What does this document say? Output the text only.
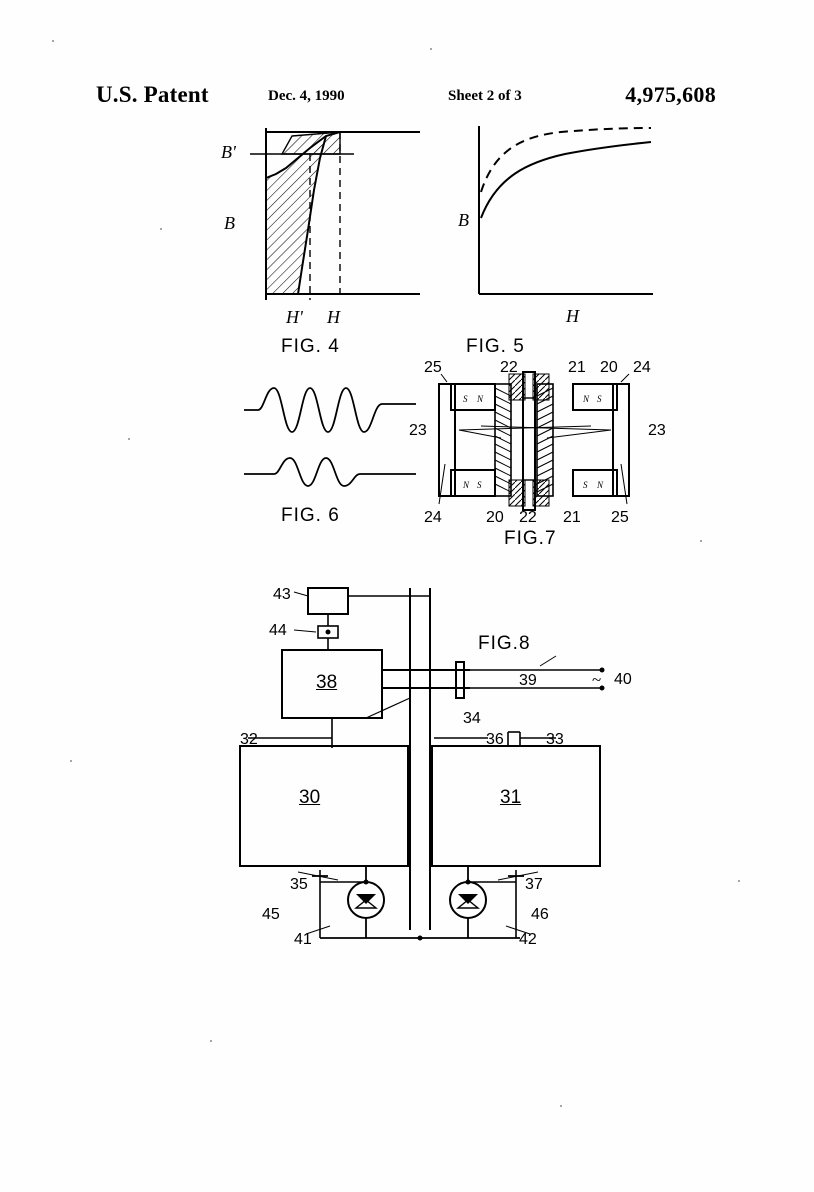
U.S. Patent	Dec. 4, 1990	Sheet 2 of 3	4,975,608
B'
B
H' H
FIG. 4
B
H
FIG. 5
FIG. 6
S N
N S
N S
S N
25	22	21 20 24
23	23
24	20 22 21 25
FIG.7
43
44
38
34
32	36	33
39	40
~
30	31
35	37
45	46
41	42
FIG.8
